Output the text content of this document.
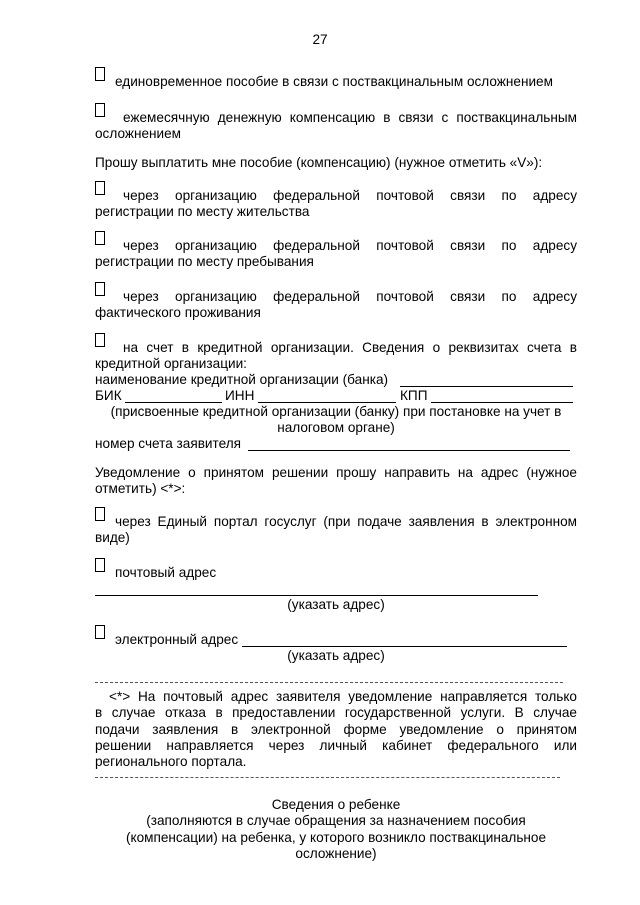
27
единовременное пособие в связи с поствакцинальным осложнением
ежемесячную денежную компенсацию в связи с поствакцинальным
осложнением
Прошу выплатить мне пособие (компенсацию) (нужное отметить «V»):
через организацию федеральной почтовой связи по адресу
регистрации по месту жительства
через организацию федеральной почтовой связи по адресу
регистрации по месту пребывания
через организацию федеральной почтовой связи по адресу
фактического проживания
на счет в кредитной организации. Сведения о реквизитах счета в
кредитной организации:
наименование кредитной организации (банка)
БИК	ИНН	КПП
(присвоенные кредитной организации (банку) при постановке на учет в
налоговом органе)
номер счета заявителя
Уведомление о принятом решении прошу направить на адрес (нужное
отметить) <*>:
через Единый портал госуслуг (при подаче заявления в электронном
виде)
почтовый адрес
(указать адрес)
электронный адрес
(указать адрес)
<*> На почтовый адрес заявителя уведомление направляется только
в случае отказа в предоставлении государственной услуги. В случае
подачи заявления в электронной форме уведомление о принятом
решении направляется через личный кабинет федерального или
регионального портала.
Сведения о ребенке
(заполняются в случае обращения за назначением пособия
(компенсации) на ребенка, у которого возникло поствакцинальное
осложнение)
